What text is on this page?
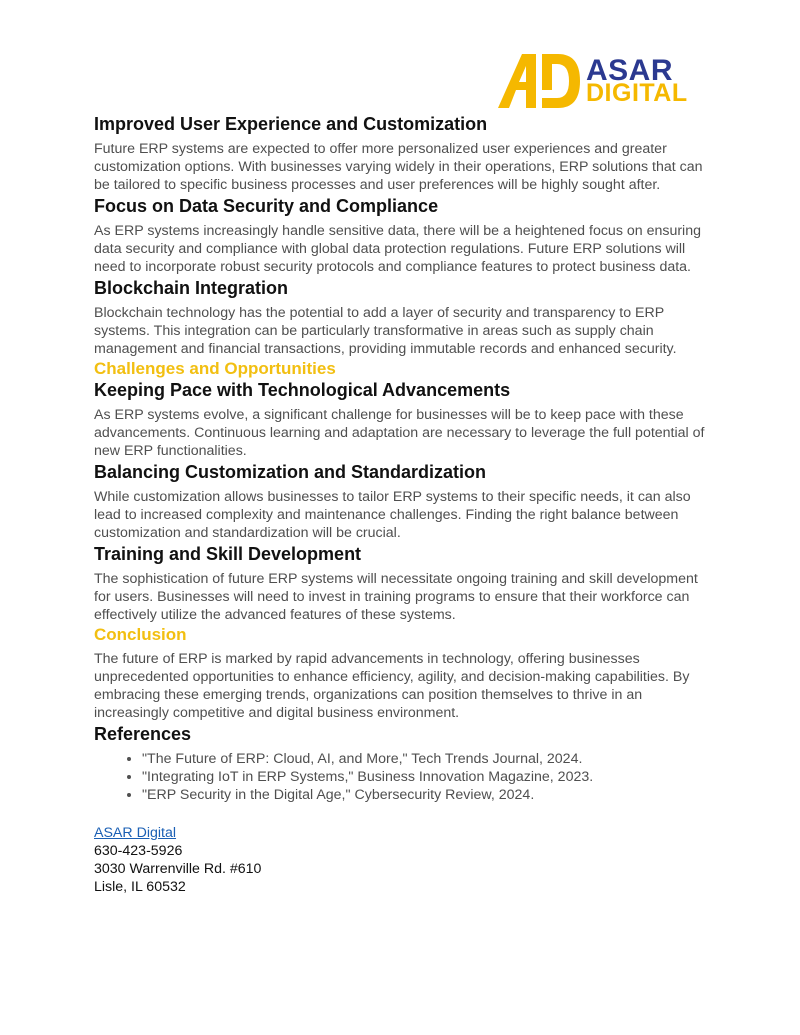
ASAR
DIGITAL
Improved User Experience and Customization

Future ERP systems are expected to offer more personalized user experiences and greater customization options. With businesses varying widely in their operations, ERP solutions that can be tailored to specific business processes and user preferences will be highly sought after.

Focus on Data Security and Compliance

As ERP systems increasingly handle sensitive data, there will be a heightened focus on ensuring data security and compliance with global data protection regulations. Future ERP solutions will need to incorporate robust security protocols and compliance features to protect business data.

Blockchain Integration

Blockchain technology has the potential to add a layer of security and transparency to ERP systems. This integration can be particularly transformative in areas such as supply chain management and financial transactions, providing immutable records and enhanced security.

Challenges and Opportunities
Keeping Pace with Technological Advancements

As ERP systems evolve, a significant challenge for businesses will be to keep pace with these advancements. Continuous learning and adaptation are necessary to leverage the full potential of new ERP functionalities.

Balancing Customization and Standardization

While customization allows businesses to tailor ERP systems to their specific needs, it can also lead to increased complexity and maintenance challenges. Finding the right balance between customization and standardization will be crucial.

Training and Skill Development

The sophistication of future ERP systems will necessitate ongoing training and skill development for users. Businesses will need to invest in training programs to ensure that their workforce can effectively utilize the advanced features of these systems.

Conclusion

The future of ERP is marked by rapid advancements in technology, offering businesses unprecedented opportunities to enhance efficiency, agility, and decision-making capabilities. By embracing these emerging trends, organizations can position themselves to thrive in an increasingly competitive and digital business environment.

References
• "The Future of ERP: Cloud, AI, and More," Tech Trends Journal, 2024.
• "Integrating IoT in ERP Systems," Business Innovation Magazine, 2023.
• "ERP Security in the Digital Age," Cybersecurity Review, 2024.
ASAR Digital
630-423-5926
3030 Warrenville Rd. #610
Lisle, IL 60532
